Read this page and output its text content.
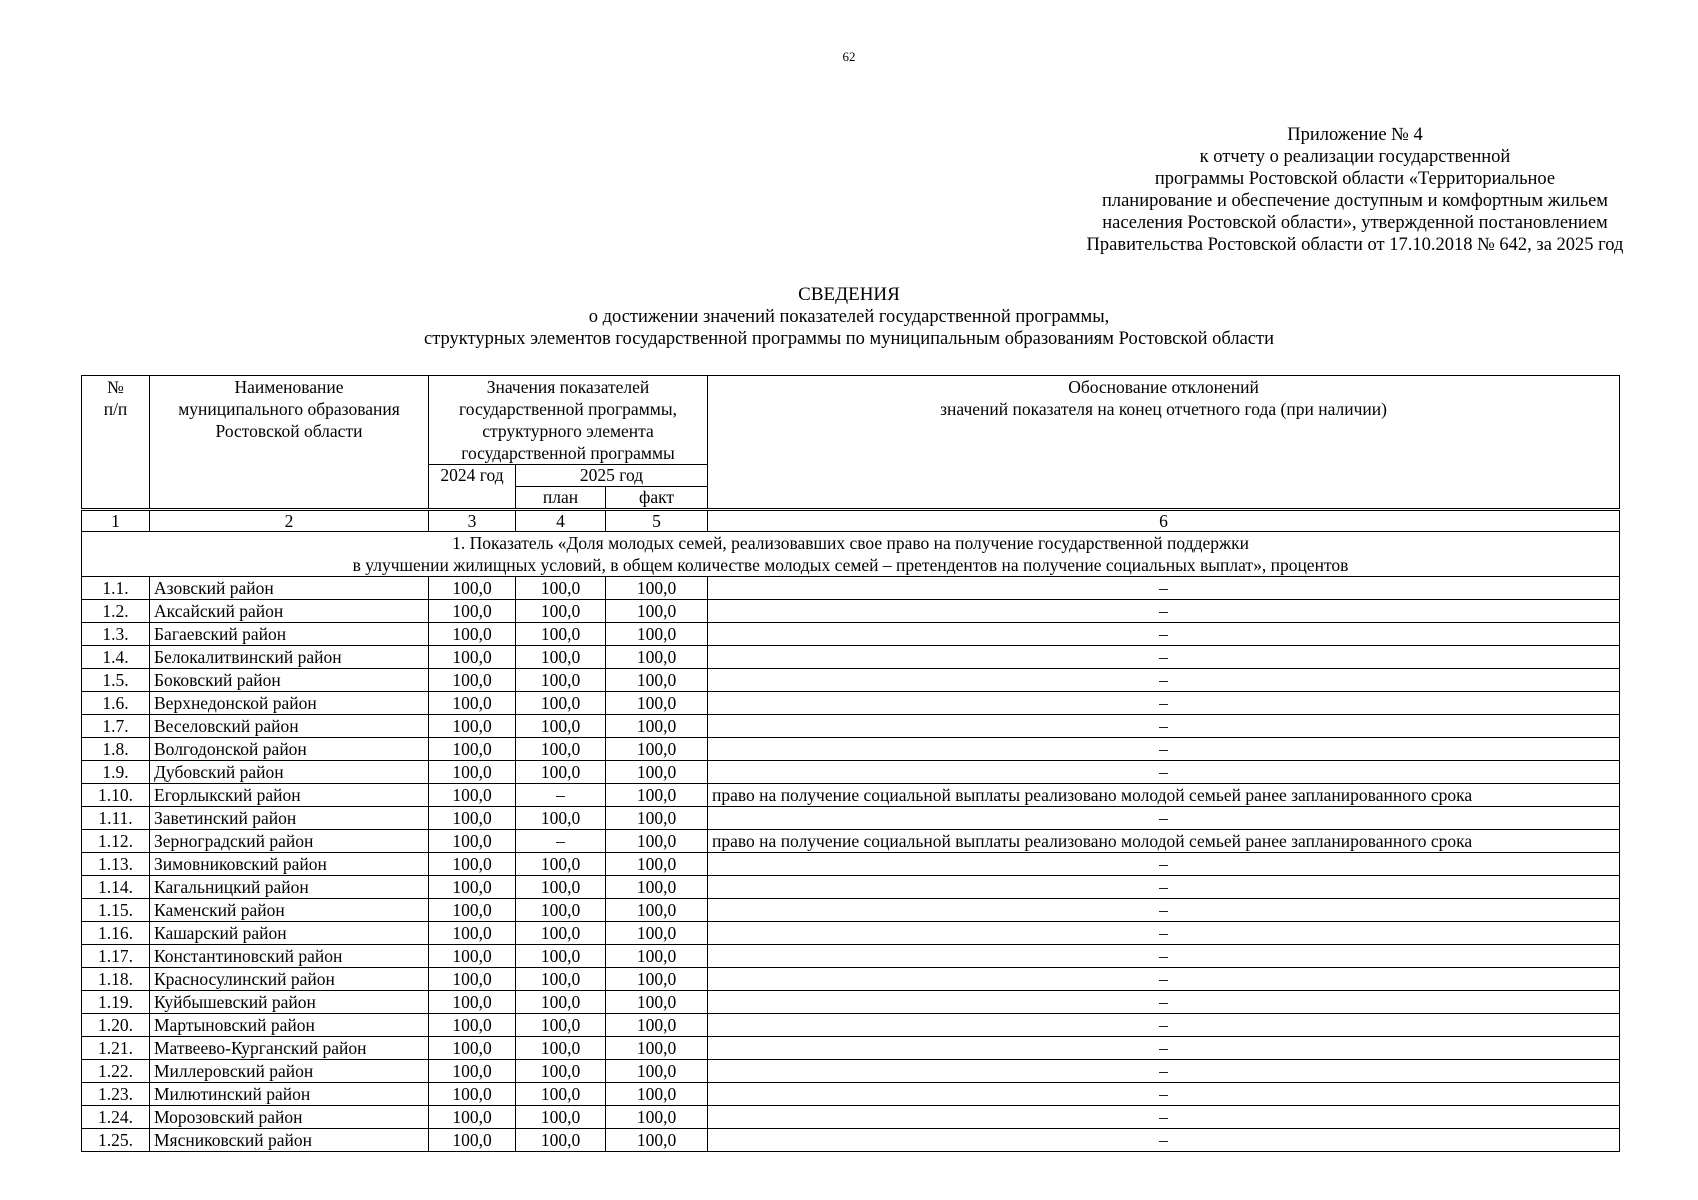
62
Приложение № 4
к отчету о реализации государственной
программы Ростовской области «Территориальное
планирование и обеспечение доступным и комфортным жильем
населения Ростовской области», утвержденной постановлением
Правительства Ростовской области от 17.10.2018 № 642, за 2025 год
СВЕДЕНИЯ
о достижении значений показателей государственной программы,
структурных элементов государственной программы по муниципальным образованиям Ростовской области
№
п/п	Наименование
муниципального образования
Ростовской области	Значения показателей
государственной программы,
структурного элемента
государственной программы			Обоснование отклонений
значений показателя на конец отчетного года (при наличии)
		2024 год	2025 год		
			план	факт	
1	2	3	4	5	6

1. Показатель «Доля молодых семей, реализовавших свое право на получение государственной поддержки
в улучшении жилищных условий, в общем количестве молодых семей – претендентов на получение социальных выплат», процентов					

1.1.	Азовский район	100,0	100,0	100,0	–
1.2.	Аксайский район	100,0	100,0	100,0	–
1.3.	Багаевский район	100,0	100,0	100,0	–
1.4.	Белокалитвинский район	100,0	100,0	100,0	–
1.5.	Боковский район	100,0	100,0	100,0	–
1.6.	Верхнедонской район	100,0	100,0	100,0	–
1.7.	Веселовский район	100,0	100,0	100,0	–
1.8.	Волгодонской район	100,0	100,0	100,0	–
1.9.	Дубовский район	100,0	100,0	100,0	–
1.10.	Егорлыкский район	100,0	–	100,0	право на получение социальной выплаты реализовано молодой семьей ранее запланированного срока
1.11.	Заветинский район	100,0	100,0	100,0	–
1.12.	Зерноградский район	100,0	–	100,0	право на получение социальной выплаты реализовано молодой семьей ранее запланированного срока
1.13.	Зимовниковский район	100,0	100,0	100,0	–
1.14.	Кагальницкий район	100,0	100,0	100,0	–
1.15.	Каменский район	100,0	100,0	100,0	–
1.16.	Кашарский район	100,0	100,0	100,0	–
1.17.	Константиновский район	100,0	100,0	100,0	–
1.18.	Красносулинский район	100,0	100,0	100,0	–
1.19.	Куйбышевский район	100,0	100,0	100,0	–
1.20.	Мартыновский район	100,0	100,0	100,0	–
1.21.	Матвеево-Курганский район	100,0	100,0	100,0	–
1.22.	Миллеровский район	100,0	100,0	100,0	–
1.23.	Милютинский район	100,0	100,0	100,0	–
1.24.	Морозовский район	100,0	100,0	100,0	–
1.25.	Мясниковский район	100,0	100,0	100,0	–
